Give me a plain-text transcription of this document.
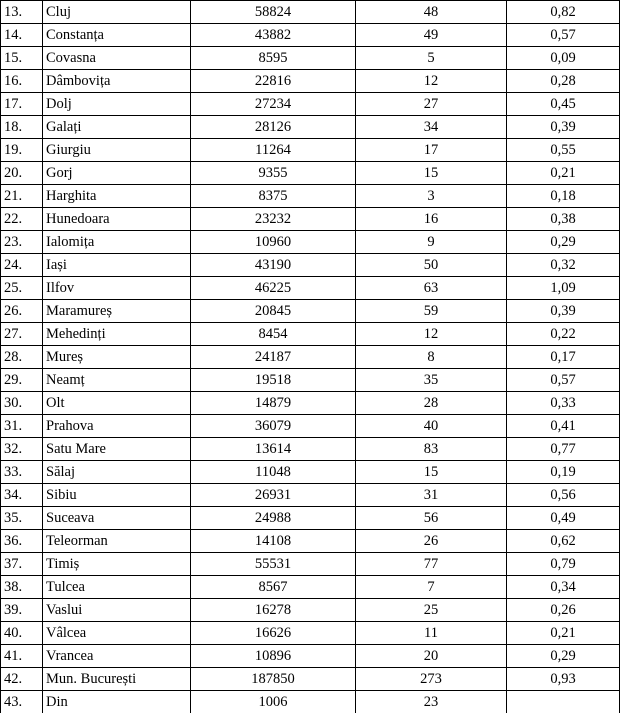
13.	Cluj	58824	48	0,82
14.	Constanța	43882	49	0,57
15.	Covasna	8595	5	0,09
16.	Dâmbovița	22816	12	0,28
17.	Dolj	27234	27	0,45
18.	Galați	28126	34	0,39
19.	Giurgiu	11264	17	0,55
20.	Gorj	9355	15	0,21
21.	Harghita	8375	3	0,18
22.	Hunedoara	23232	16	0,38
23.	Ialomița	10960	9	0,29
24.	Iași	43190	50	0,32
25.	Ilfov	46225	63	1,09
26.	Maramureș	20845	59	0,39
27.	Mehedinți	8454	12	0,22
28.	Mureș	24187	8	0,17
29.	Neamț	19518	35	0,57
30.	Olt	14879	28	0,33
31.	Prahova	36079	40	0,41
32.	Satu Mare	13614	83	0,77
33.	Sălaj	11048	15	0,19
34.	Sibiu	26931	31	0,56
35.	Suceava	24988	56	0,49
36.	Teleorman	14108	26	0,62
37.	Timiș	55531	77	0,79
38.	Tulcea	8567	7	0,34
39.	Vaslui	16278	25	0,26
40.	Vâlcea	16626	11	0,21
41.	Vrancea	10896	20	0,29
42.	Mun. București	187850	273	0,93
43.	Din	1006	23	
